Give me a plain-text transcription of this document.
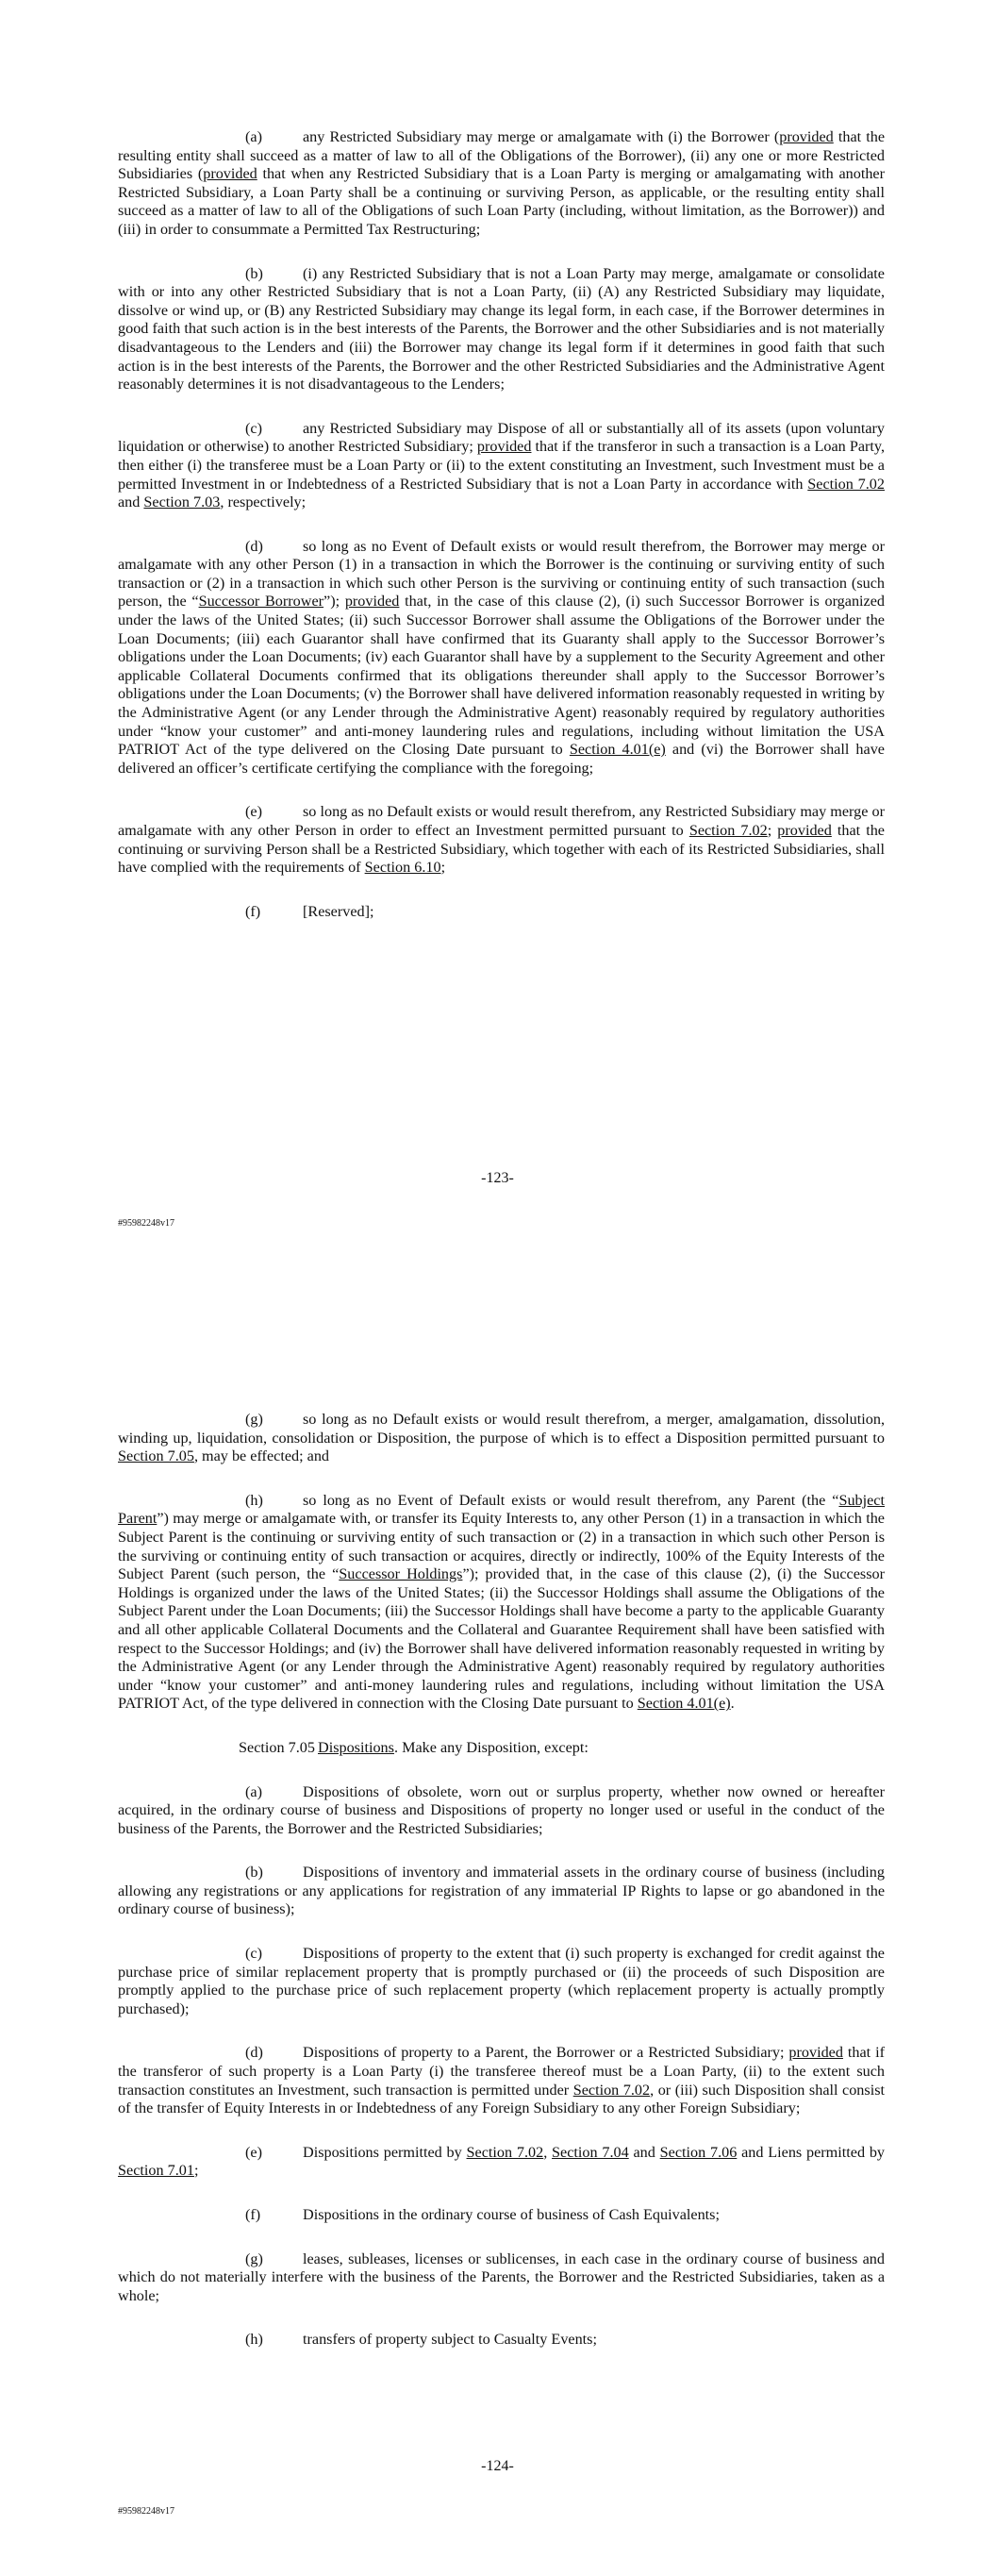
(a)	any Restricted Subsidiary may merge or amalgamate with (i) the Borrower (provided that the resulting entity shall succeed as a matter of law to all of the Obligations of the Borrower), (ii) any one or more Restricted Subsidiaries (provided that when any Restricted Subsidiary that is a Loan Party is merging or amalgamating with another Restricted Subsidiary, a Loan Party shall be a continuing or surviving Person, as applicable, or the resulting entity shall succeed as a matter of law to all of the Obligations of such Loan Party (including, without limitation, as the Borrower)) and (iii) in order to consummate a Permitted Tax Restructuring;

(b)	(i) any Restricted Subsidiary that is not a Loan Party may merge, amalgamate or consolidate with or into any other Restricted Subsidiary that is not a Loan Party, (ii) (A) any Restricted Subsidiary may liquidate, dissolve or wind up, or (B) any Restricted Subsidiary may change its legal form, in each case, if the Borrower determines in good faith that such action is in the best interests of the Parents, the Borrower and the other Subsidiaries and is not materially disadvantageous to the Lenders and (iii) the Borrower may change its legal form if it determines in good faith that such action is in the best interests of the Parents, the Borrower and the other Restricted Subsidiaries and the Administrative Agent reasonably determines it is not disadvantageous to the Lenders;

(c)	any Restricted Subsidiary may Dispose of all or substantially all of its assets (upon voluntary liquidation or otherwise) to another Restricted Subsidiary; provided that if the transferor in such a transaction is a Loan Party, then either (i) the transferee must be a Loan Party or (ii) to the extent constituting an Investment, such Investment must be a permitted Investment in or Indebtedness of a Restricted Subsidiary that is not a Loan Party in accordance with Section 7.02 and Section 7.03, respectively;

(d)	so long as no Event of Default exists or would result therefrom, the Borrower may merge or amalgamate with any other Person (1) in a transaction in which the Borrower is the continuing or surviving entity of such transaction or (2) in a transaction in which such other Person is the surviving or continuing entity of such transaction (such person, the “Successor Borrower”); provided that, in the case of this clause (2), (i) such Successor Borrower is organized under the laws of the United States; (ii) such Successor Borrower shall assume the Obligations of the Borrower under the Loan Documents; (iii) each Guarantor shall have confirmed that its Guaranty shall apply to the Successor Borrower’s obligations under the Loan Documents; (iv) each Guarantor shall have by a supplement to the Security Agreement and other applicable Collateral Documents confirmed that its obligations thereunder shall apply to the Successor Borrower’s obligations under the Loan Documents; (v) the Borrower shall have delivered information reasonably requested in writing by the Administrative Agent (or any Lender through the Administrative Agent) reasonably required by regulatory authorities under “know your customer” and anti-money laundering rules and regulations, including without limitation the USA PATRIOT Act of the type delivered on the Closing Date pursuant to Section 4.01(e) and (vi) the Borrower shall have delivered an officer’s certificate certifying the compliance with the foregoing;

(e)	so long as no Default exists or would result therefrom, any Restricted Subsidiary may merge or amalgamate with any other Person in order to effect an Investment permitted pursuant to Section 7.02; provided that the continuing or surviving Person shall be a Restricted Subsidiary, which together with each of its Restricted Subsidiaries, shall have complied with the requirements of Section 6.10;

(f)	[Reserved];

-123-
#95982248v17

(g)	so long as no Default exists or would result therefrom, a merger, amalgamation, dissolution, winding up, liquidation, consolidation or Disposition, the purpose of which is to effect a Disposition permitted pursuant to Section 7.05, may be effected; and

(h)	so long as no Event of Default exists or would result therefrom, any Parent (the “Subject Parent”) may merge or amalgamate with, or transfer its Equity Interests to, any other Person (1) in a transaction in which the Subject Parent is the continuing or surviving entity of such transaction or (2) in a transaction in which such other Person is the surviving or continuing entity of such transaction or acquires, directly or indirectly, 100% of the Equity Interests of the Subject Parent (such person, the “Successor Holdings”); provided that, in the case of this clause (2), (i) the Successor Holdings is organized under the laws of the United States; (ii) the Successor Holdings shall assume the Obligations of the Subject Parent under the Loan Documents; (iii) the Successor Holdings shall have become a party to the applicable Guaranty and all other applicable Collateral Documents and the Collateral and Guarantee Requirement shall have been satisfied with respect to the Successor Holdings; and (iv) the Borrower shall have delivered information reasonably requested in writing by the Administrative Agent (or any Lender through the Administrative Agent) reasonably required by regulatory authorities under “know your customer” and anti-money laundering rules and regulations, including without limitation the USA PATRIOT Act, of the type delivered in connection with the Closing Date pursuant to Section 4.01(e).

Section 7.05 Dispositions. Make any Disposition, except:

(a)	Dispositions of obsolete, worn out or surplus property, whether now owned or hereafter acquired, in the ordinary course of business and Dispositions of property no longer used or useful in the conduct of the business of the Parents, the Borrower and the Restricted Subsidiaries;

(b)	Dispositions of inventory and immaterial assets in the ordinary course of business (including allowing any registrations or any applications for registration of any immaterial IP Rights to lapse or go abandoned in the ordinary course of business);

(c)	Dispositions of property to the extent that (i) such property is exchanged for credit against the purchase price of similar replacement property that is promptly purchased or (ii) the proceeds of such Disposition are promptly applied to the purchase price of such replacement property (which replacement property is actually promptly purchased);

(d)	Dispositions of property to a Parent, the Borrower or a Restricted Subsidiary; provided that if the transferor of such property is a Loan Party (i) the transferee thereof must be a Loan Party, (ii) to the extent such transaction constitutes an Investment, such transaction is permitted under Section 7.02, or (iii) such Disposition shall consist of the transfer of Equity Interests in or Indebtedness of any Foreign Subsidiary to any other Foreign Subsidiary;

(e)	Dispositions permitted by Section 7.02, Section 7.04 and Section 7.06 and Liens permitted by Section 7.01;

(f)	Dispositions in the ordinary course of business of Cash Equivalents;

(g)	leases, subleases, licenses or sublicenses, in each case in the ordinary course of business and which do not materially interfere with the business of the Parents, the Borrower and the Restricted Subsidiaries, taken as a whole;

(h)	transfers of property subject to Casualty Events;

-124-
#95982248v17
